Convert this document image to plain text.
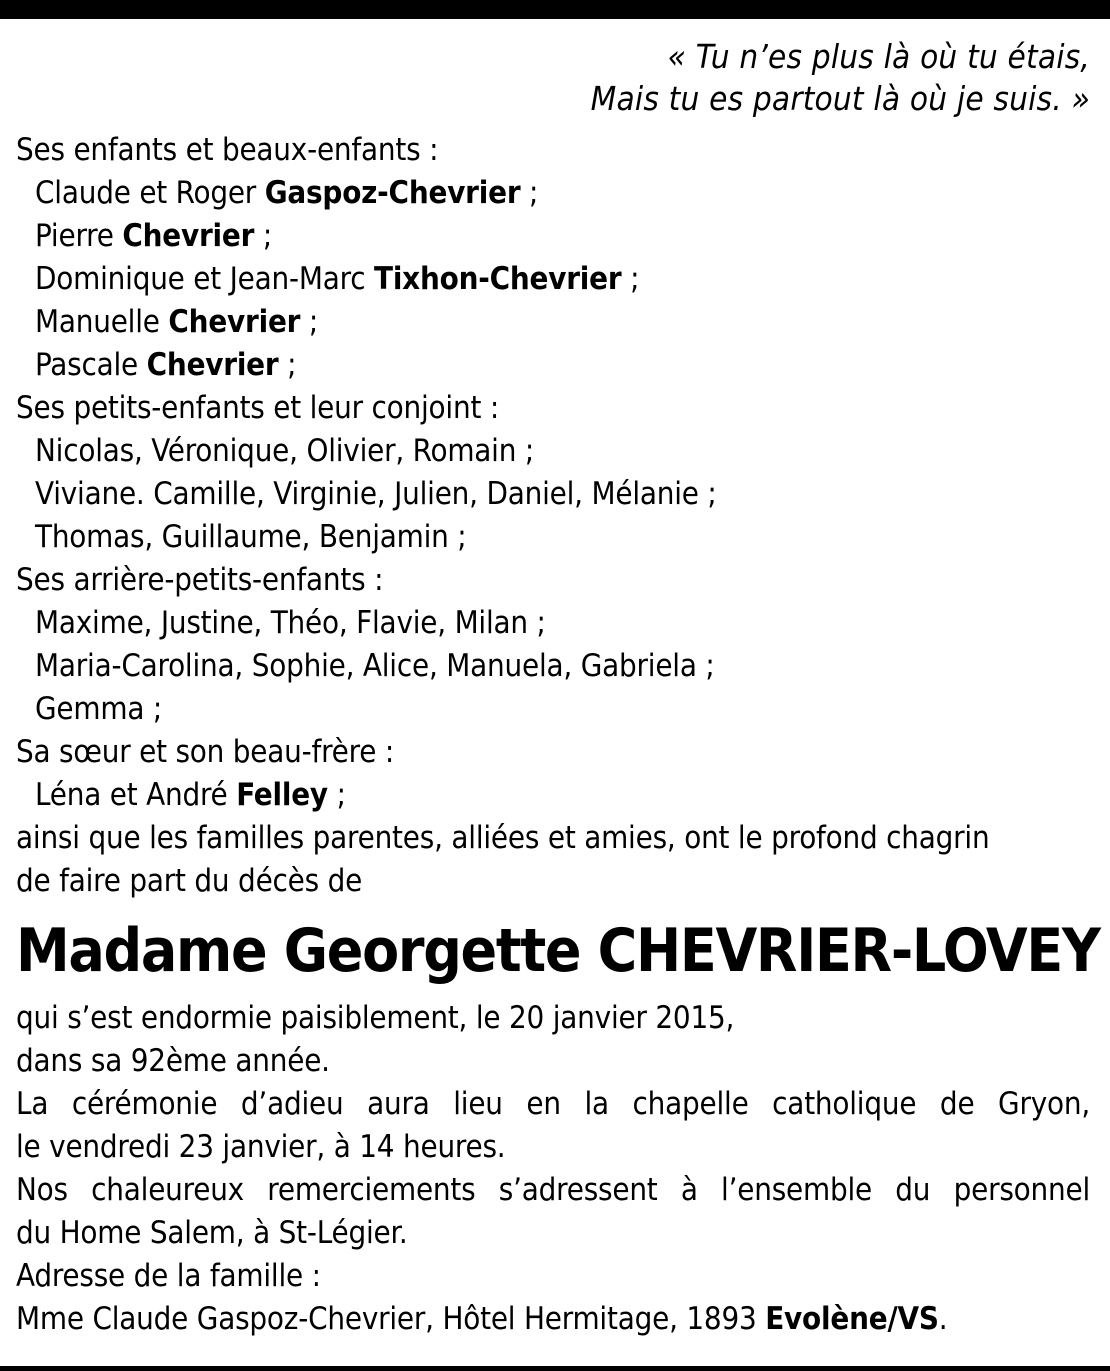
« Tu n’es plus là où tu étais,
Mais tu es partout là où je suis. »
Ses enfants et beaux-enfants :
Claude et Roger Gaspoz-Chevrier ;
Pierre Chevrier ;
Dominique et Jean-Marc Tixhon-Chevrier ;
Manuelle Chevrier ;
Pascale Chevrier ;
Ses petits-enfants et leur conjoint :
Nicolas, Véronique, Olivier, Romain ;
Viviane. Camille, Virginie, Julien, Daniel, Mélanie ;
Thomas, Guillaume, Benjamin ;
Ses arrière-petits-enfants :
Maxime, Justine, Théo, Flavie, Milan ;
Maria-Carolina, Sophie, Alice, Manuela, Gabriela ;
Gemma ;
Sa sœur et son beau-frère :
Léna et André Felley ;
ainsi que les familles parentes, alliées et amies, ont le profond chagrin
de faire part du décès de
Madame Georgette CHEVRIER-LOVEY
qui s’est endormie paisiblement, le 20 janvier 2015,
dans sa 92ème année.
La cérémonie d’adieu aura lieu en la chapelle catholique de Gryon,
le vendredi 23 janvier, à 14 heures.
Nos chaleureux remerciements s’adressent à l’ensemble du personnel
du Home Salem, à St-Légier.
Adresse de la famille :
Mme Claude Gaspoz-Chevrier, Hôtel Hermitage, 1893 Evolène/VS.
